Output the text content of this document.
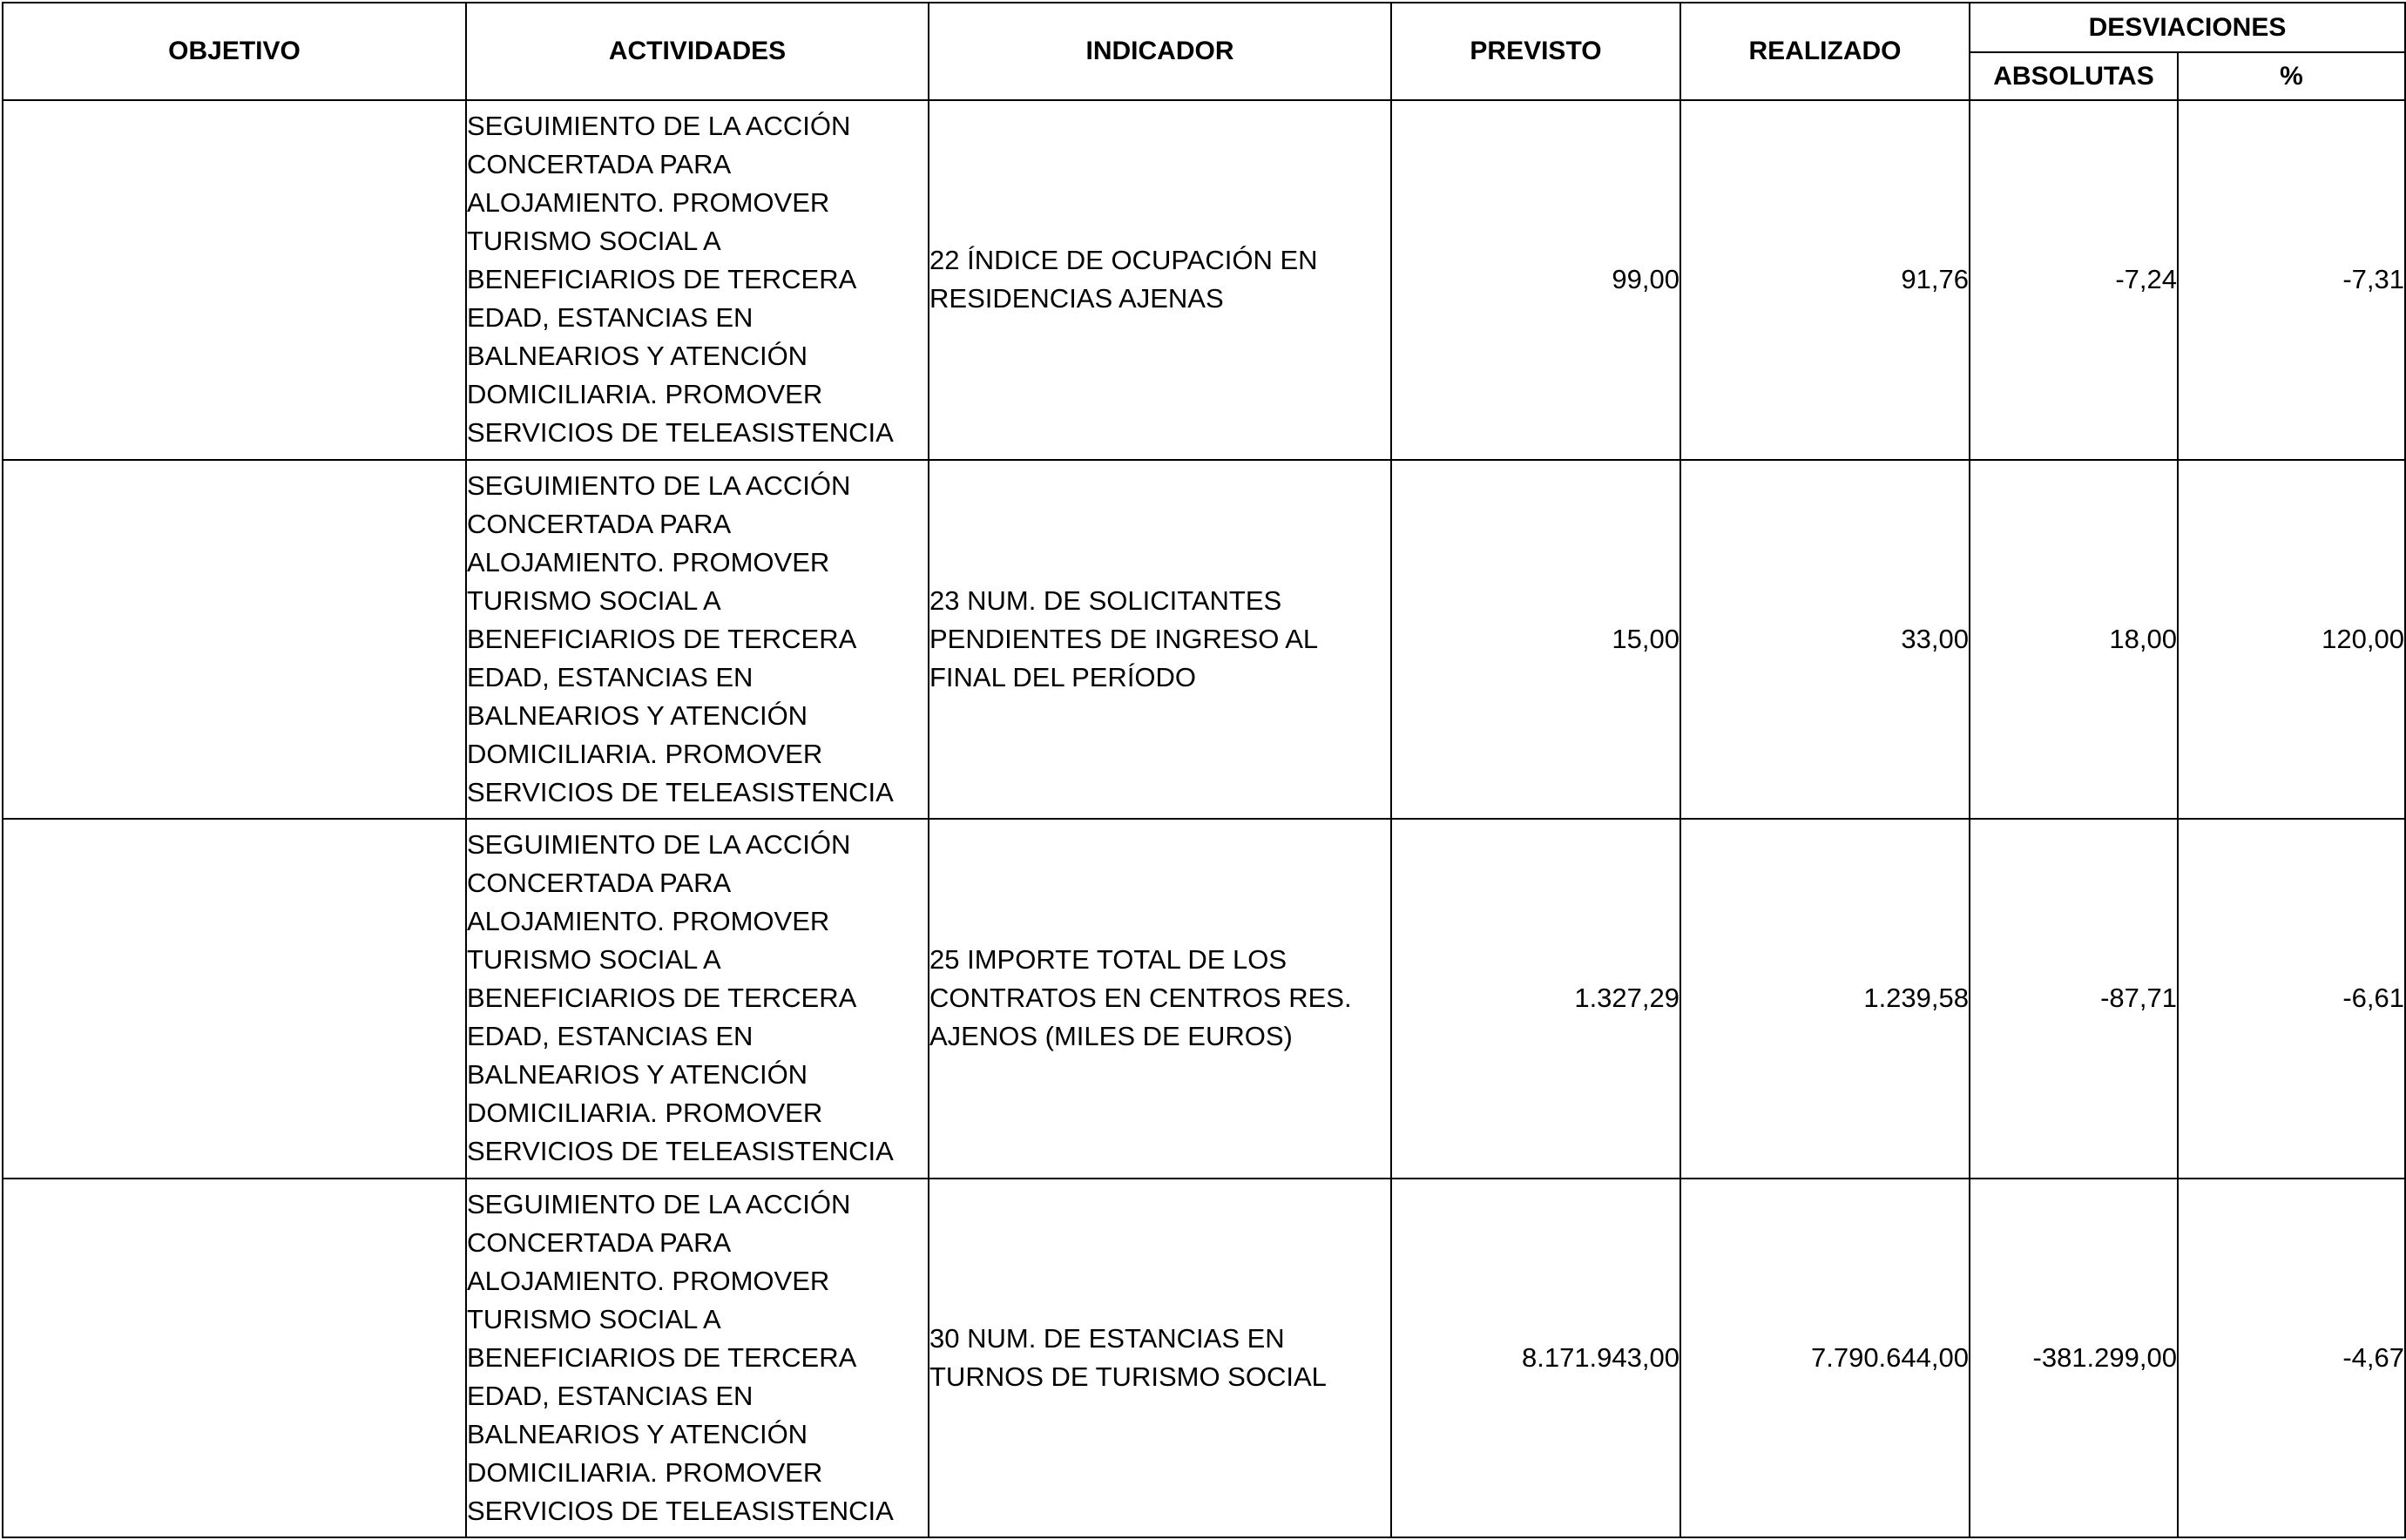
OBJETIVO	ACTIVIDADES	INDICADOR	PREVISTO	REALIZADO	DESVIACIONES	
					ABSOLUTAS	%
	SEGUIMIENTO DE LA ACCIÓN CONCERTADA PARA ALOJAMIENTO. PROMOVER TURISMO SOCIAL A BENEFICIARIOS DE TERCERA EDAD, ESTANCIAS EN BALNEARIOS Y ATENCIÓN DOMICILIARIA. PROMOVER SERVICIOS DE TELEASISTENCIA	22 ÍNDICE DE OCUPACIÓN EN RESIDENCIAS AJENAS	99,00	91,76	-7,24	-7,31
	SEGUIMIENTO DE LA ACCIÓN CONCERTADA PARA ALOJAMIENTO. PROMOVER TURISMO SOCIAL A BENEFICIARIOS DE TERCERA EDAD, ESTANCIAS EN BALNEARIOS Y ATENCIÓN DOMICILIARIA. PROMOVER SERVICIOS DE TELEASISTENCIA	23 NUM. DE SOLICITANTES PENDIENTES DE INGRESO AL FINAL DEL PERÍODO	15,00	33,00	18,00	120,00
	SEGUIMIENTO DE LA ACCIÓN CONCERTADA PARA ALOJAMIENTO. PROMOVER TURISMO SOCIAL A BENEFICIARIOS DE TERCERA EDAD, ESTANCIAS EN BALNEARIOS Y ATENCIÓN DOMICILIARIA. PROMOVER SERVICIOS DE TELEASISTENCIA	25 IMPORTE TOTAL DE LOS CONTRATOS EN CENTROS RES. AJENOS (MILES DE EUROS)	1.327,29	1.239,58	-87,71	-6,61
	SEGUIMIENTO DE LA ACCIÓN CONCERTADA PARA ALOJAMIENTO. PROMOVER TURISMO SOCIAL A BENEFICIARIOS DE TERCERA EDAD, ESTANCIAS EN BALNEARIOS Y ATENCIÓN DOMICILIARIA. PROMOVER SERVICIOS DE TELEASISTENCIA	30 NUM. DE ESTANCIAS EN TURNOS DE TURISMO SOCIAL	8.171.943,00	7.790.644,00	-381.299,00	-4,67
